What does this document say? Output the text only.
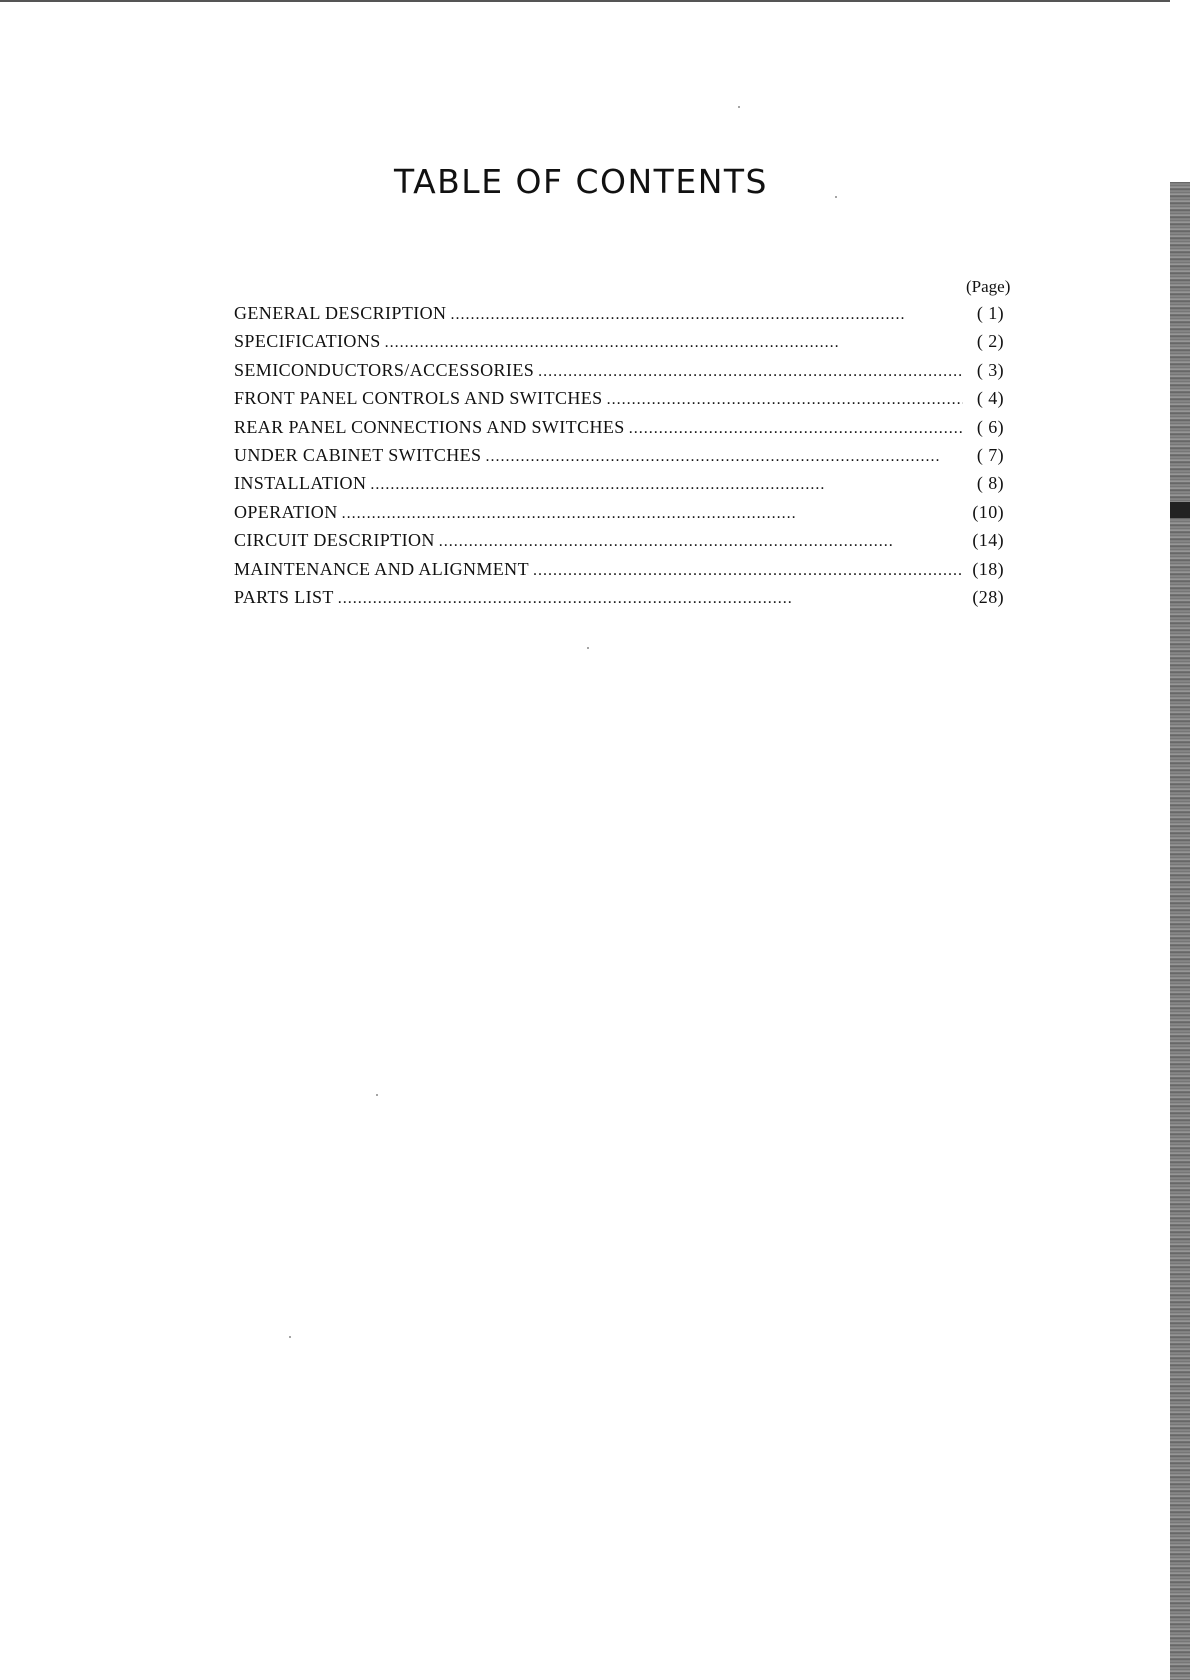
TABLE OF CONTENTS
(Page)
GENERAL DESCRIPTION . . .	( 1)
SPECIFICATIONS . . .	( 2)
SEMICONDUCTORS/ACCESSORIES . . .	( 3)
FRONT PANEL CONTROLS AND SWITCHES . . .	( 4)
REAR PANEL CONNECTIONS AND SWITCHES . . .	( 6)
UNDER CABINET SWITCHES . . .	( 7)
INSTALLATION . . .	( 8)
OPERATION . . .	(10)
CIRCUIT DESCRIPTION . . .	(14)
MAINTENANCE AND ALIGNMENT . . .	(18)
PARTS LIST . . .	(28)
